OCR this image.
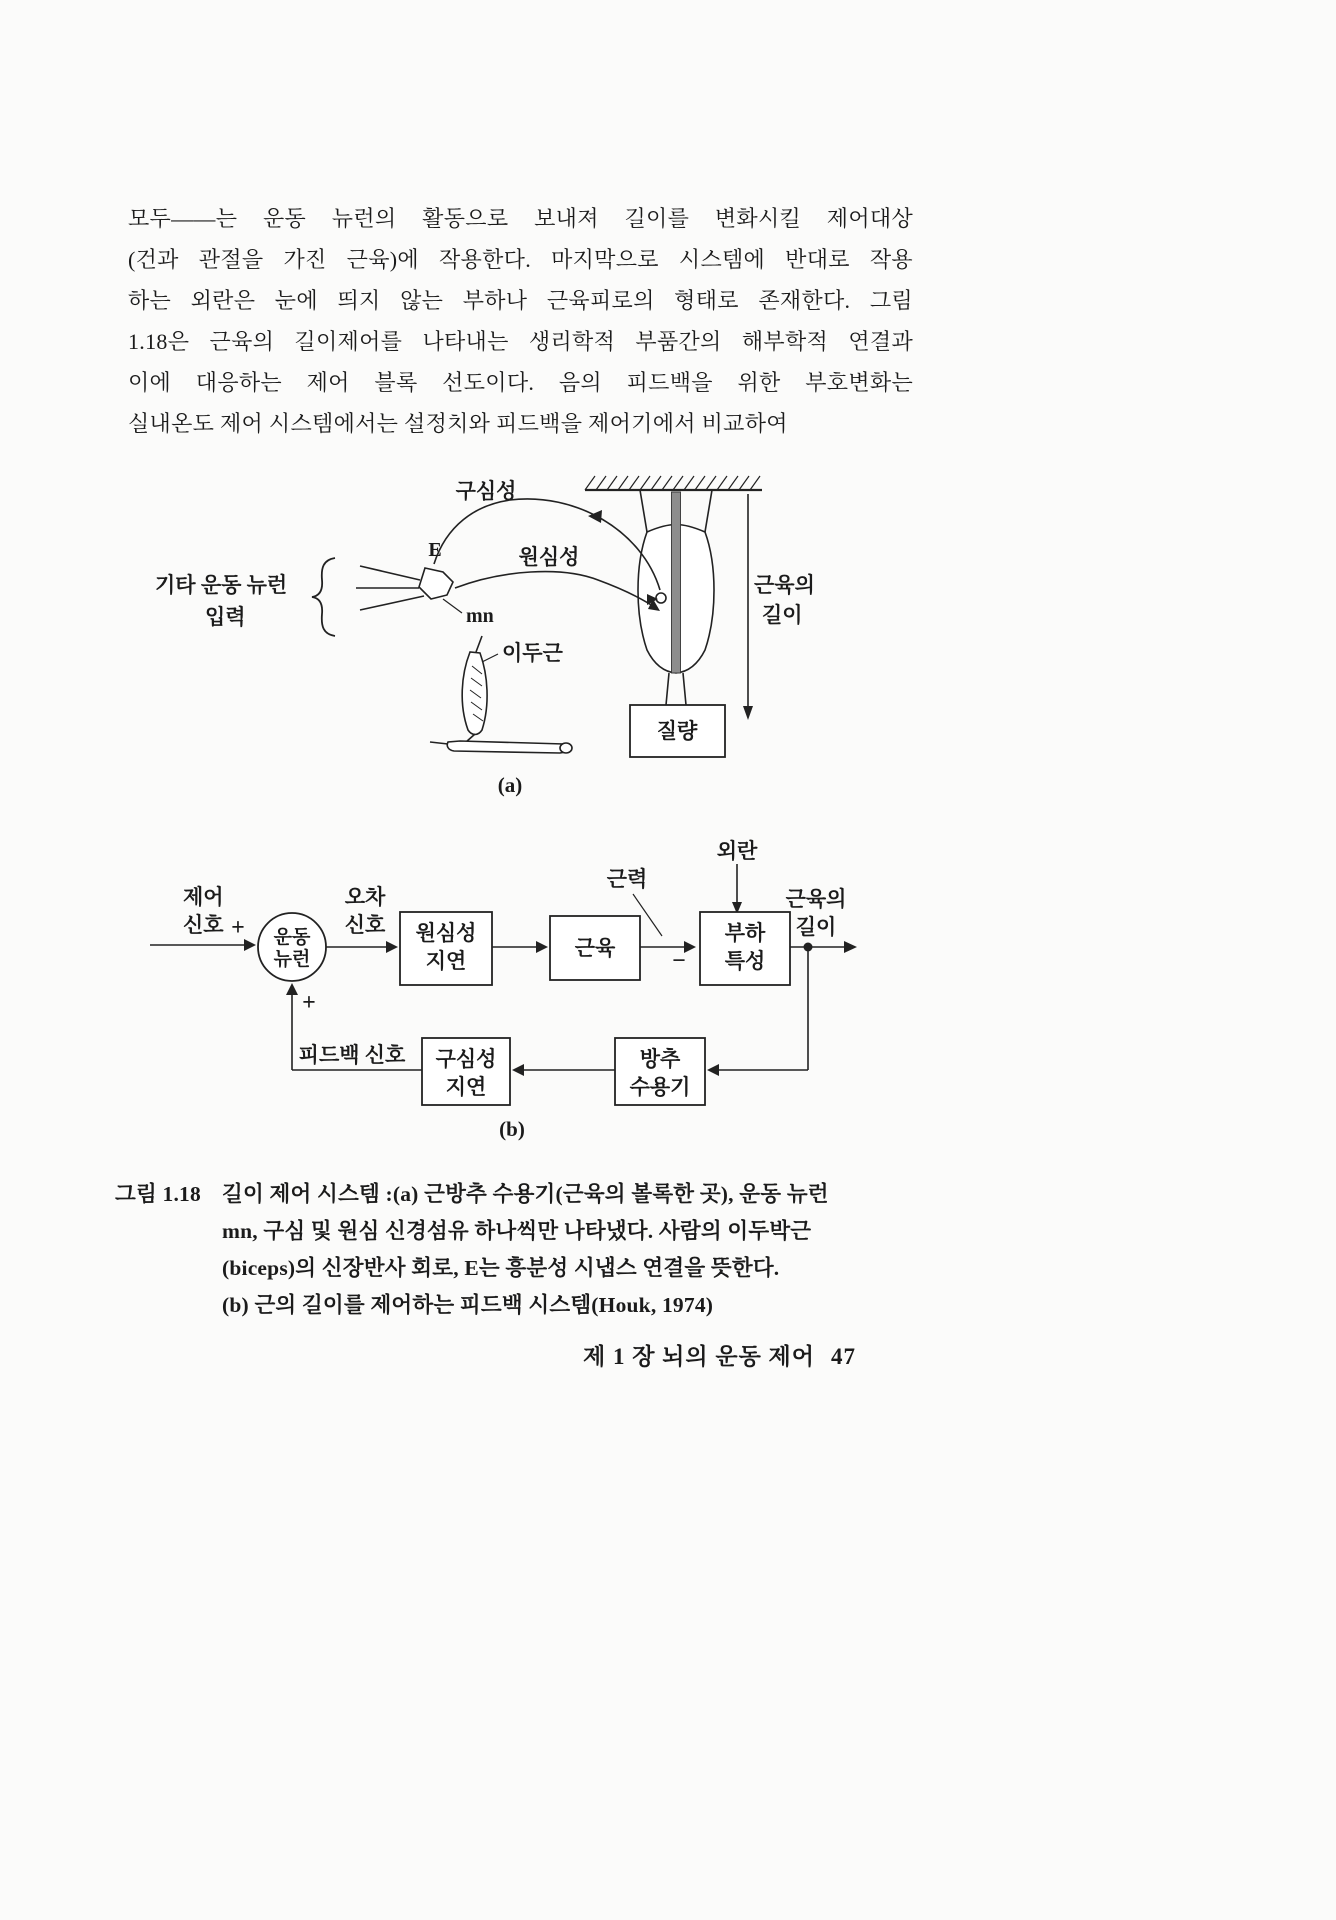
모두——는 운동 뉴런의 활동으로 보내져 길이를 변화시킬 제어대상
(건과 관절을 가진 근육)에 작용한다. 마지막으로 시스템에 반대로 작용
하는 외란은 눈에 띄지 않는 부하나 근육피로의 형태로 존재한다. 그림
1.18은 근육의 길이제어를 나타내는 생리학적 부품간의 해부학적 연결과
이에 대응하는 제어 블록 선도이다. 음의 피드백을 위한 부호변화는
실내온도 제어 시스템에서는 설정치와 피드백을 제어기에서 비교하여
구심성
E	원심성
기타 운동 뉴런
입력	mn
이두근
근육의
길이
질량
(a)
외란
제어
신호 + 운동
뉴런
오차
신호 원심성
지연
근육
근력
−
부하
특성
근육의
길이
+
피드백 신호 구심성
지연
방추
수용기
(b)
그림 1.18 길이 제어 시스템 :(a) 근방추 수용기(근육의 볼록한 곳), 운동 뉴런
mn, 구심 및 원심 신경섬유 하나씩만 나타냈다. 사람의 이두박근
(biceps)의 신장반사 회로, E는 흥분성 시냅스 연결을 뜻한다.
(b) 근의 길이를 제어하는 피드백 시스템(Houk, 1974)
제 1 장 뇌의 운동 제어 47
